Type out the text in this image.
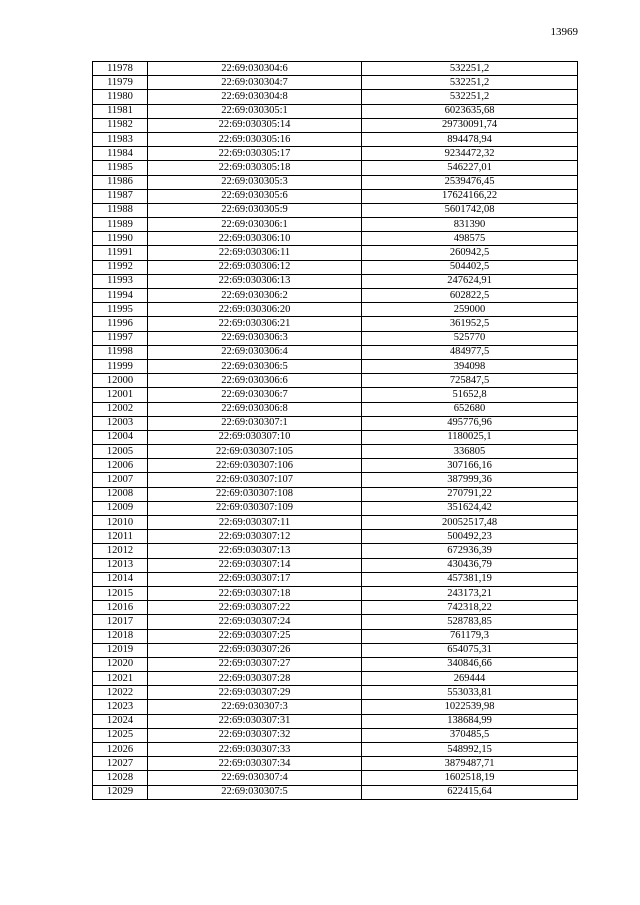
13969
11978	22:69:030304:6	532251,2
11979	22:69:030304:7	532251,2
11980	22:69:030304:8	532251,2
11981	22:69:030305:1	6023635,68
11982	22:69:030305:14	29730091,74
11983	22:69:030305:16	894478,94
11984	22:69:030305:17	9234472,32
11985	22:69:030305:18	546227,01
11986	22:69:030305:3	2539476,45
11987	22:69:030305:6	17624166,22
11988	22:69:030305:9	5601742,08
11989	22:69:030306:1	831390
11990	22:69:030306:10	498575
11991	22:69:030306:11	260942,5
11992	22:69:030306:12	504402,5
11993	22:69:030306:13	247624,91
11994	22:69:030306:2	602822,5
11995	22:69:030306:20	259000
11996	22:69:030306:21	361952,5
11997	22:69:030306:3	525770
11998	22:69:030306:4	484977,5
11999	22:69:030306:5	394098
12000	22:69:030306:6	725847,5
12001	22:69:030306:7	51652,8
12002	22:69:030306:8	652680
12003	22:69:030307:1	495776,96
12004	22:69:030307:10	1180025,1
12005	22:69:030307:105	336805
12006	22:69:030307:106	307166,16
12007	22:69:030307:107	387999,36
12008	22:69:030307:108	270791,22
12009	22:69:030307:109	351624,42
12010	22:69:030307:11	20052517,48
12011	22:69:030307:12	500492,23
12012	22:69:030307:13	672936,39
12013	22:69:030307:14	430436,79
12014	22:69:030307:17	457381,19
12015	22:69:030307:18	243173,21
12016	22:69:030307:22	742318,22
12017	22:69:030307:24	528783,85
12018	22:69:030307:25	761179,3
12019	22:69:030307:26	654075,31
12020	22:69:030307:27	340846,66
12021	22:69:030307:28	269444
12022	22:69:030307:29	553033,81
12023	22:69:030307:3	1022539,98
12024	22:69:030307:31	138684,99
12025	22:69:030307:32	370485,5
12026	22:69:030307:33	548992,15
12027	22:69:030307:34	3879487,71
12028	22:69:030307:4	1602518,19
12029	22:69:030307:5	622415,64
